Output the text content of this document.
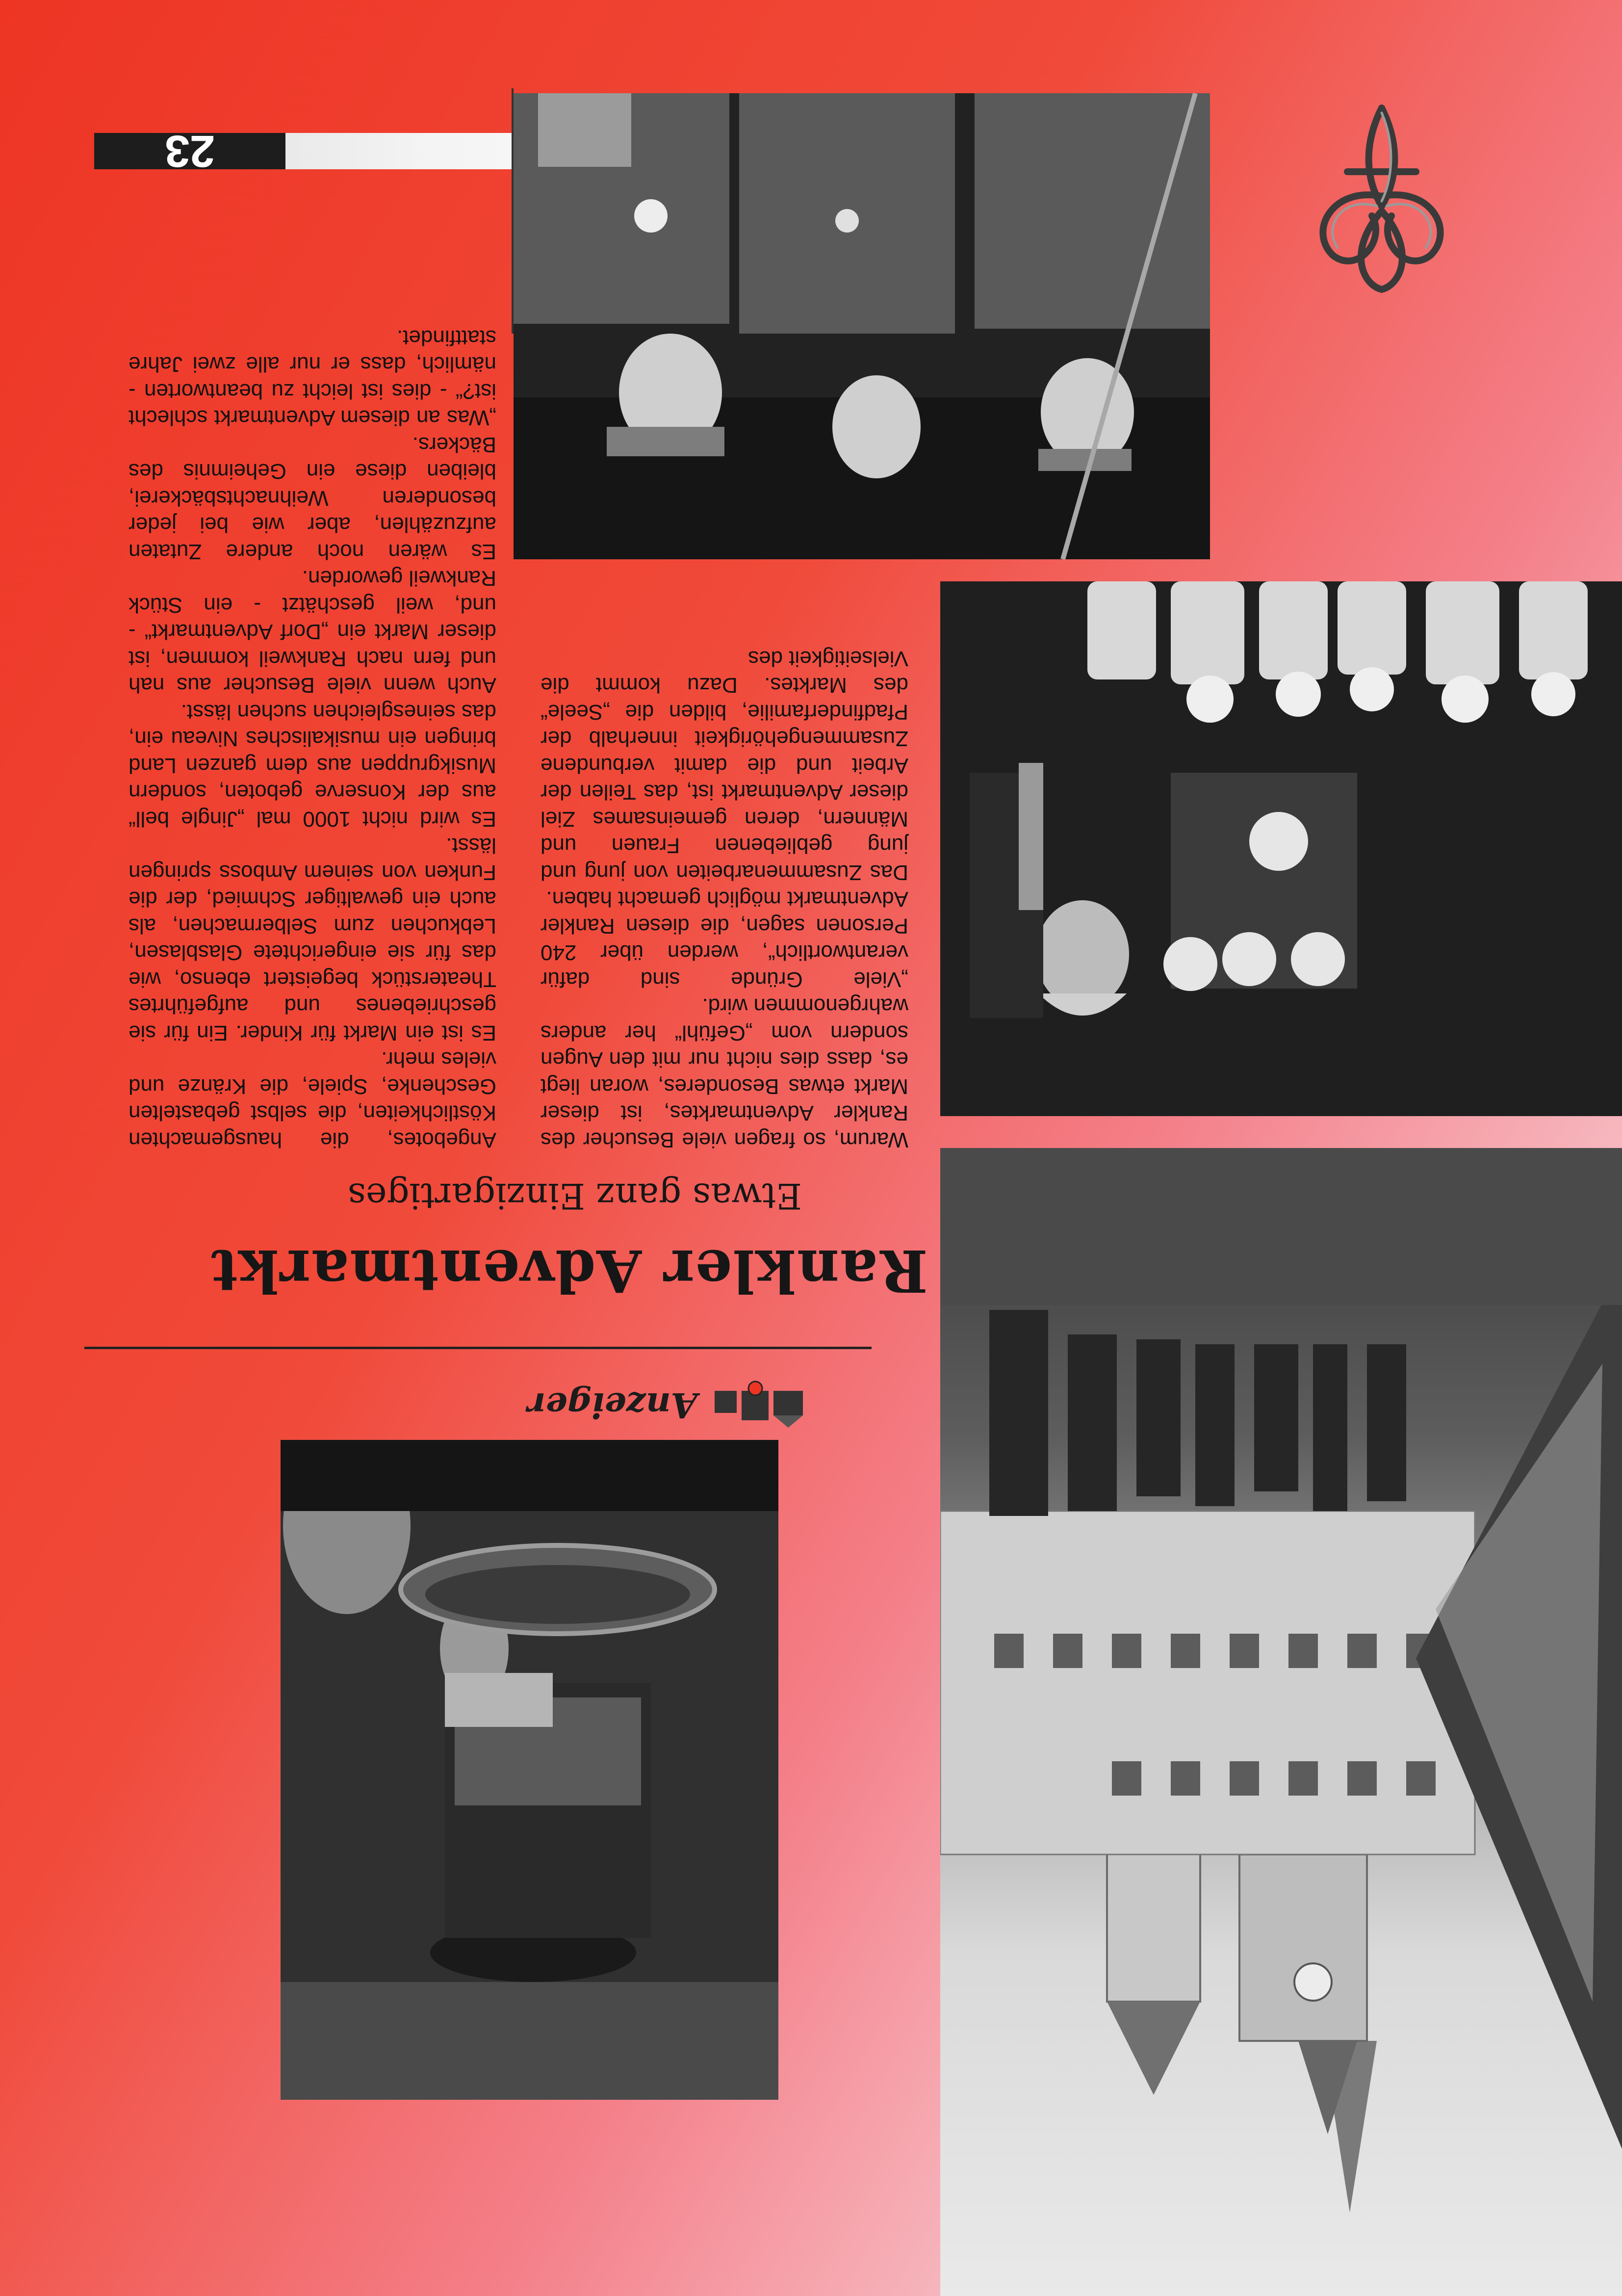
23
Anzeiger
Rankler Adventmarkt
Etwas ganz Einzigartiges

Warum, so fragen viele Besucher des Rankler Adventmarktes, ist dieser Markt etwas Besonderes, woran liegt es, dass dies nicht nur mit den Augen sondern vom „Gefühl“ her anders wahrgenommen wird.

„Viele Gründe sind dafür verantwortlich“, werden über 240 Personen sagen, die diesen Rankler Adventmarkt möglich gemacht haben.

Das Zusammenarbeiten von jung und jung gebliebenen Frauen und Männern, deren gemeinsames Ziel dieser Adventmarkt ist, das Teilen der Arbeit und die damit verbundene Zusammengehörigkeit innerhalb der Pfadfinderfamilie, bilden die „Seele“ des Marktes. Dazu kommt die Vielseitigkeit des

Angebotes, die hausgemachten Köstlichkeiten, die selbst gebastelten Geschenke, Spiele, die Kränze und vieles mehr.

Es ist ein Markt für Kinder. Ein für sie geschriebenes und aufgeführtes Theaterstück begeistert ebenso, wie das für sie eingerichtete Glasblasen, Lebkuchen zum Selbermachen, als auch ein gewaltiger Schmied, der die Funken von seinem Amboss springen lässt.

Es wird nicht 1000 mal „Jingle bell“ aus der Konserve geboten, sondern Musikgruppen aus dem ganzen Land bringen ein musikalisches Niveau ein, das seinesgleichen suchen lässt.

Auch wenn viele Besucher aus nah und fern nach Rankweil kommen, ist dieser Markt ein „Dorf Adventmarkt“ - und, weil geschätzt - ein Stück Rankweil geworden.

Es wären noch andere Zutaten aufzuzählen, aber wie bei jeder besonderen Weihnachtsbäckerei, bleiben diese ein Geheimnis des Bäckers.

„Was an diesem Adventmarkt schlecht ist?“ - dies ist leicht zu beantworten - nämlich, dass er nur alle zwei Jahre stattfindet.
